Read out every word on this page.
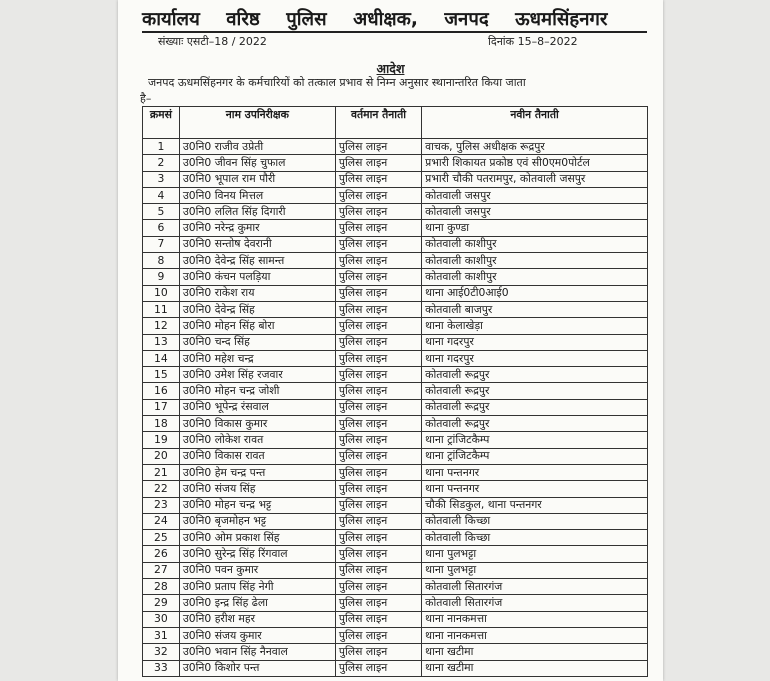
कार्यालय वरिष्ठ पुलिस अधीक्षक, जनपद ऊधमसिंहनगर
संख्याः एसटी–18 / 2022	दिनांक 15–8–2022
आदेश
जनपद ऊधमसिंहनगर के कर्मचारियों को तत्काल प्रभाव से निम्न अनुसार स्थानान्तरित किया जाता
है–
क्रमसं	नाम उपनिरीक्षक	वर्तमान तैनाती	नवीन तैनाती
1	उ0नि0 राजीव उप्रेती	पुलिस लाइन	वाचक, पुलिस अधीक्षक रूद्रपुर
2	उ0नि0 जीवन सिंह चुफाल	पुलिस लाइन	प्रभारी शिकायत प्रकोष्ठ एवं सी0एम0पोर्टल
3	उ0नि0 भूपाल राम पौरी	पुलिस लाइन	प्रभारी चौकी पतरामपुर, कोतवाली जसपुर
4	उ0नि0 विनय मित्तल	पुलिस लाइन	कोतवाली जसपुर
5	उ0नि0 ललित सिंह दिगारी	पुलिस लाइन	कोतवाली जसपुर
6	उ0नि0 नरेन्द्र कुमार	पुलिस लाइन	थाना कुण्डा
7	उ0नि0 सन्तोष देवरानी	पुलिस लाइन	कोतवाली काशीपुर
8	उ0नि0 देवेन्द्र सिंह सामन्त	पुलिस लाइन	कोतवाली काशीपुर
9	उ0नि0 कंचन पलड़िया	पुलिस लाइन	कोतवाली काशीपुर
10	उ0नि0 राकेश राय	पुलिस लाइन	थाना आई0टी0आई0
11	उ0नि0 देवेन्द्र सिंह	पुलिस लाइन	कोतवाली बाजपुर
12	उ0नि0 मोहन सिंह बोरा	पुलिस लाइन	थाना केलाखेड़ा
13	उ0नि0 चन्द सिंह	पुलिस लाइन	थाना गदरपुर
14	उ0नि0 महेश चन्द्र	पुलिस लाइन	थाना गदरपुर
15	उ0नि0 उमेश सिंह रजवार	पुलिस लाइन	कोतवाली रूद्रपुर
16	उ0नि0 मोहन चन्द्र जोशी	पुलिस लाइन	कोतवाली रूद्रपुर
17	उ0नि0 भूपेन्द्र रंसवाल	पुलिस लाइन	कोतवाली रूद्रपुर
18	उ0नि0 विकास कुमार	पुलिस लाइन	कोतवाली रूद्रपुर
19	उ0नि0 लोकेश रावत	पुलिस लाइन	थाना ट्रांजिटकैम्प
20	उ0नि0 विकास रावत	पुलिस लाइन	थाना ट्रांजिटकैम्प
21	उ0नि0 हेम चन्द्र पन्त	पुलिस लाइन	थाना पन्तनगर
22	उ0नि0 संजय सिंह	पुलिस लाइन	थाना पन्तनगर
23	उ0नि0 मोहन चन्द्र भट्ट	पुलिस लाइन	चौकी सिडकुल, थाना पन्तनगर
24	उ0नि0 बृजमोहन भट्ट	पुलिस लाइन	कोतवाली किच्छा
25	उ0नि0 ओम प्रकाश सिंह	पुलिस लाइन	कोतवाली किच्छा
26	उ0नि0 सुरेन्द्र सिंह रिंगवाल	पुलिस लाइन	थाना पुलभट्टा
27	उ0नि0 पवन कुमार	पुलिस लाइन	थाना पुलभट्टा
28	उ0नि0 प्रताप सिंह नेगी	पुलिस लाइन	कोतवाली सितारगंज
29	उ0नि0 इन्द्र सिंह ढेला	पुलिस लाइन	कोतवाली सितारगंज
30	उ0नि0 हरीश महर	पुलिस लाइन	थाना नानकमत्ता
31	उ0नि0 संजय कुमार	पुलिस लाइन	थाना नानकमत्ता
32	उ0नि0 भवान सिंह नैनवाल	पुलिस लाइन	थाना खटीमा
33	उ0नि0 किशोर पन्त	पुलिस लाइन	थाना खटीमा
